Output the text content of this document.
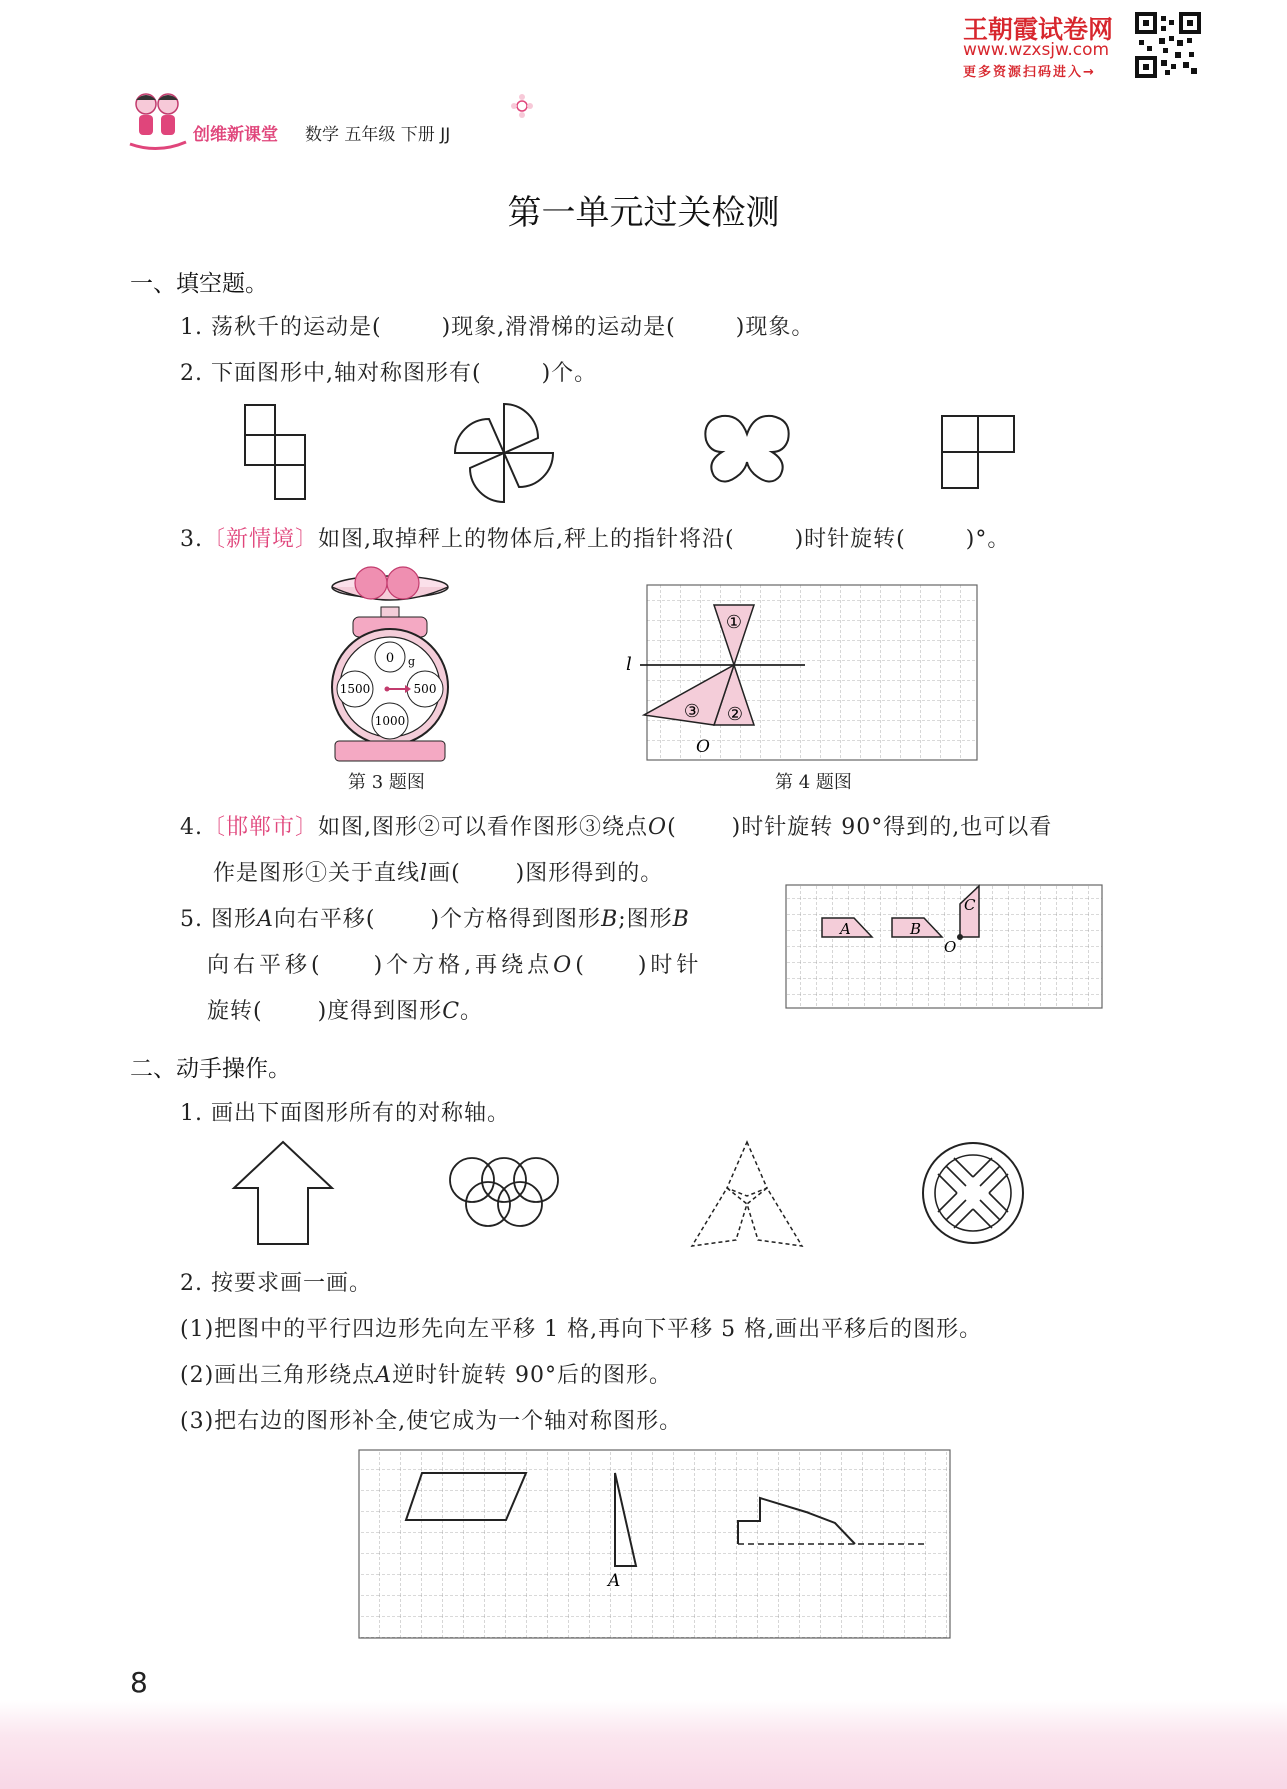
王朝霞试卷网
www.wzxsjw.com
更多资源扫码进入→
创维新课堂 数学 五年级 下册 JJ
第一单元过关检测
一、填空题。
1. 荡秋千的运动是(	)现象,滑滑梯的运动是(	)现象。
2. 下面图形中,轴对称图形有(	)个。
3.〔新情境〕如图,取掉秤上的物体后,秤上的指针将沿(	)时针旋转(	)°。
0 g
1500	500
1000
第 3 题图
①
②
③
l
O
第 4 题图
4.〔邯郸市〕如图,图形②可以看作图形③绕点O(	)时针旋转 90°得到的,也可以看
作是图形①关于直线l画(	)图形得到的。
5. 图形A向右平移(	)个方格得到图形B;图形B
向右平移( )个方格,再绕点O( )时针
旋转(	)度得到图形C。
A	B
C
O
二、动手操作。
1. 画出下面图形所有的对称轴。
2. 按要求画一画。
(1)把图中的平行四边形先向左平移 1 格,再向下平移 5 格,画出平移后的图形。
(2)画出三角形绕点A逆时针旋转 90°后的图形。
(3)把右边的图形补全,使它成为一个轴对称图形。
A
8
